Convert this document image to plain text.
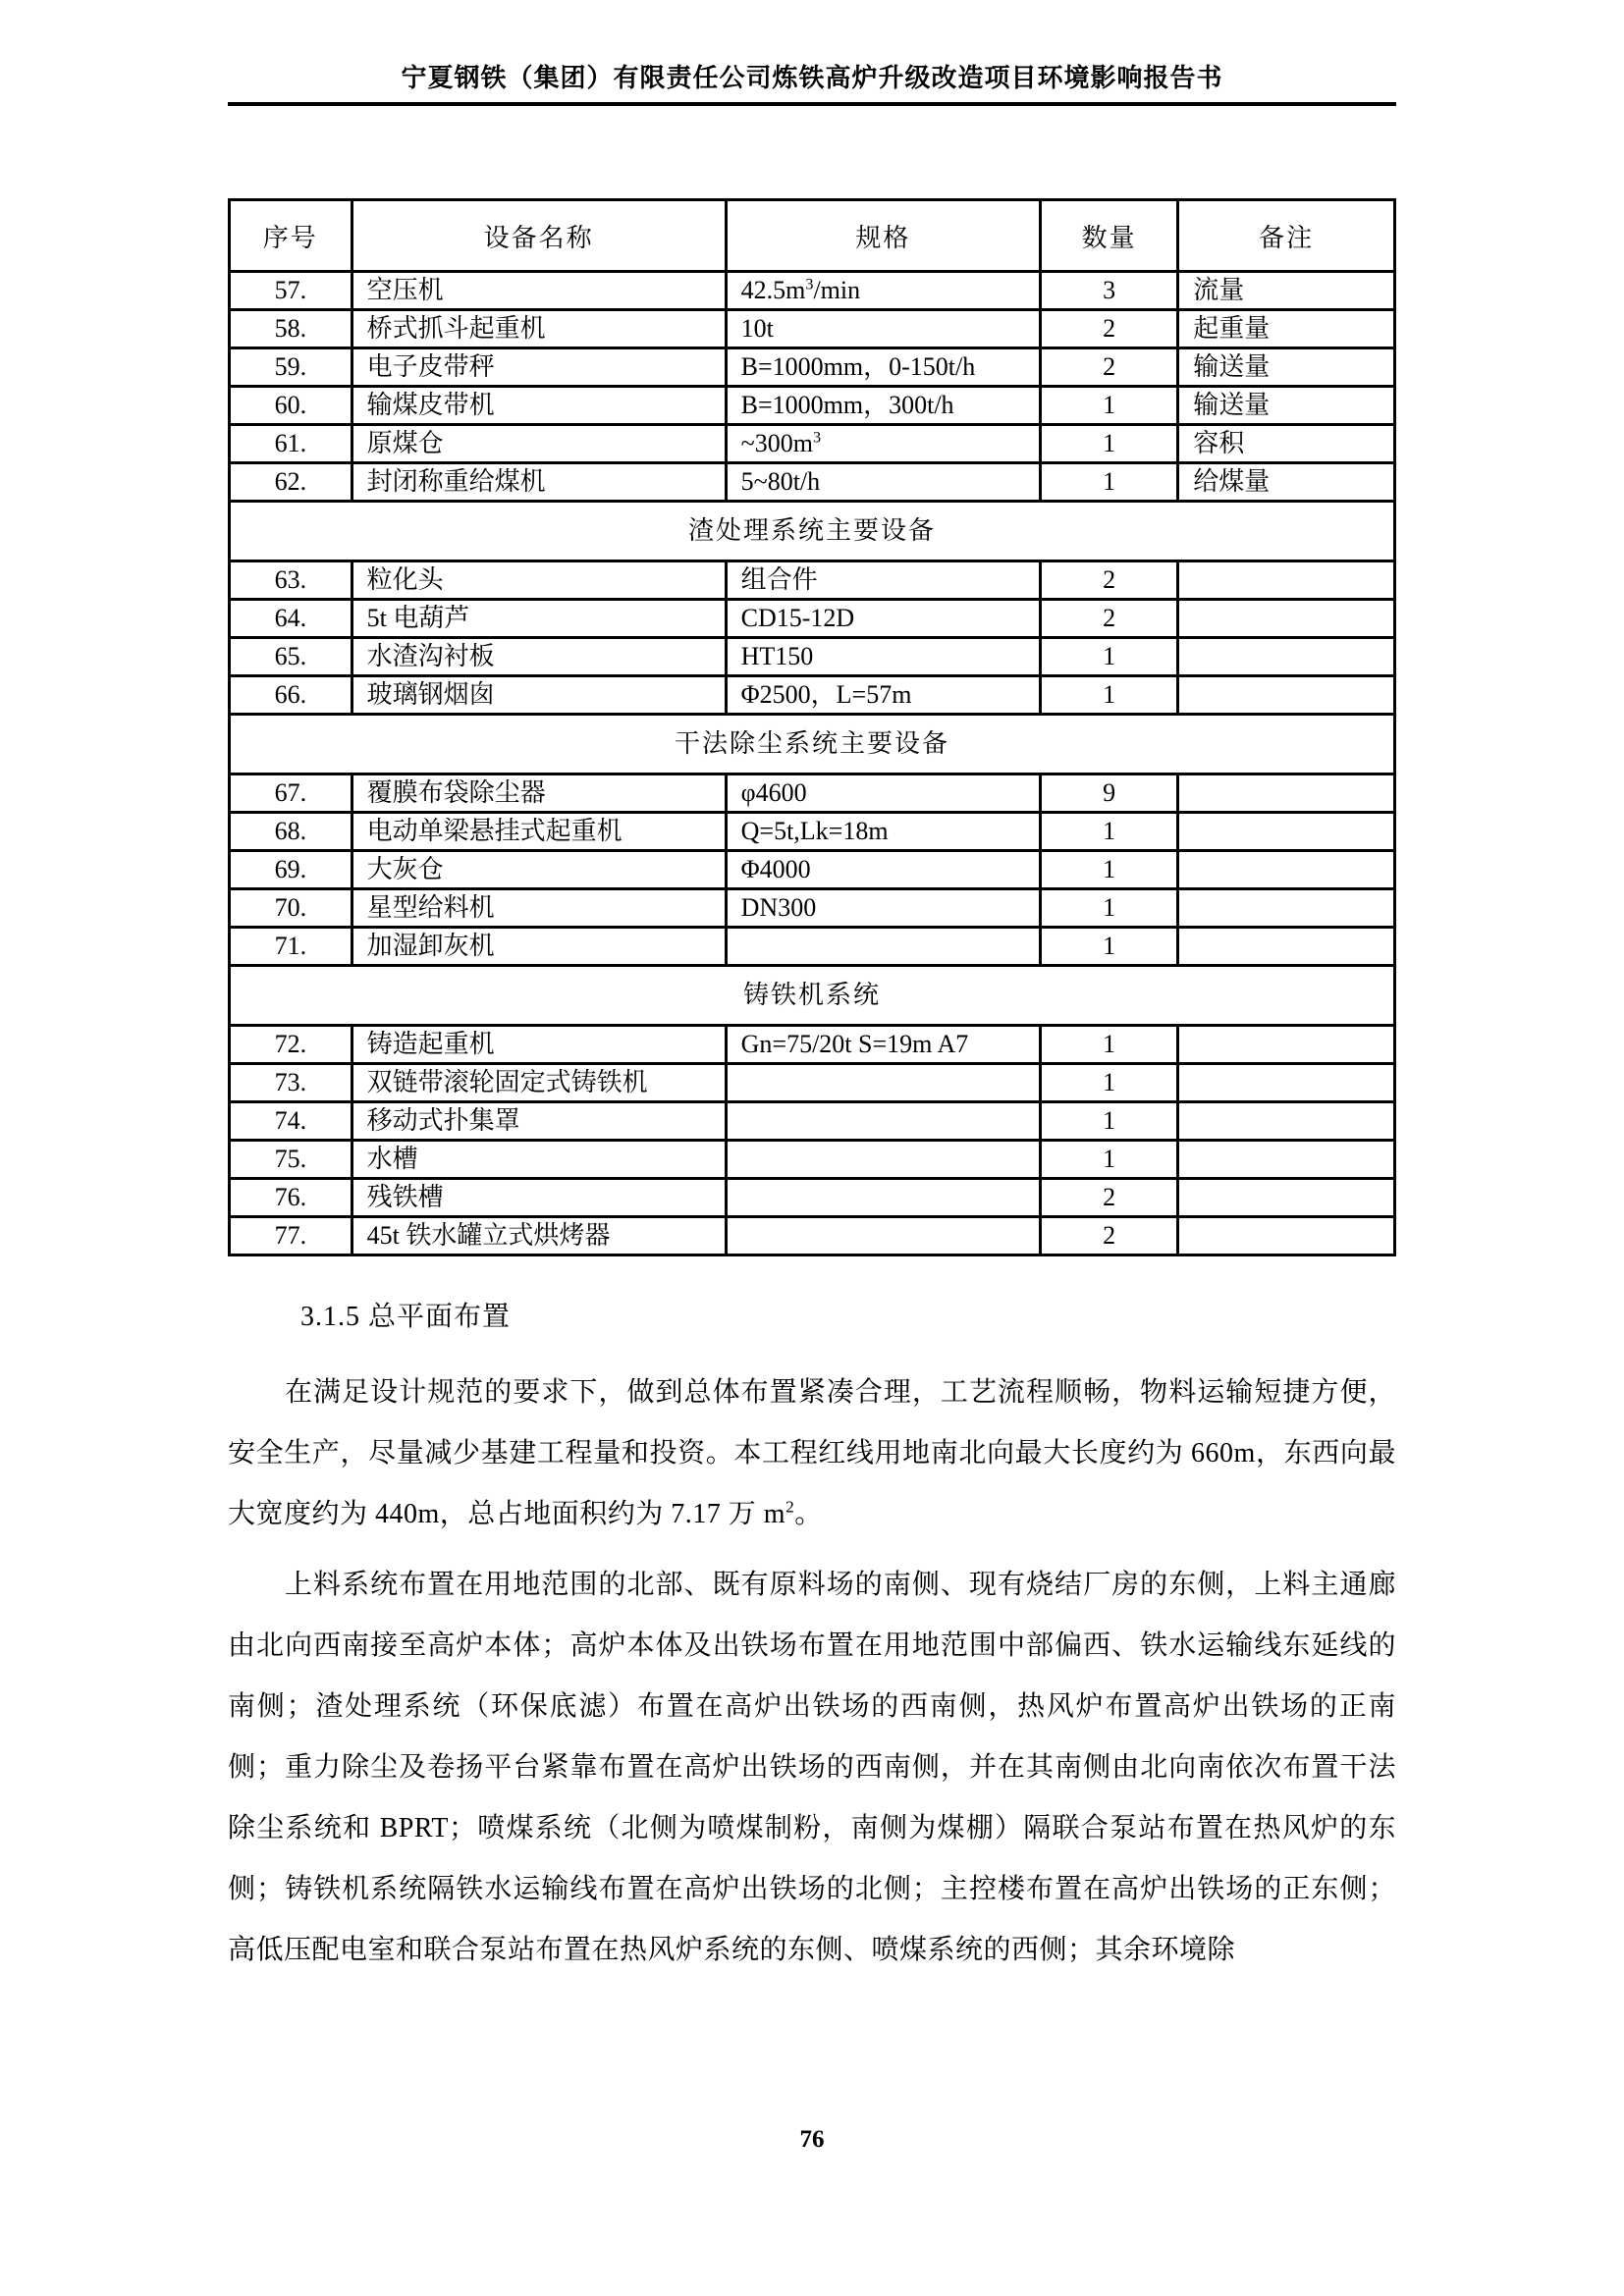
宁夏钢铁（集团）有限责任公司炼铁高炉升级改造项目环境影响报告书
序号	设备名称	规格	数量	备注
57.	空压机	$42.5m^3/\min$	3	流量
58.	桥式抓斗起重机	10t	2	起重量
59.	电子皮带秤	B=1000mm，0-150t/h	2	输送量
60.	输煤皮带机	B=1000mm，300t/h	1	输送量
61.	原煤仓	$\sim 300m^3$	1	容积
62.	封闭称重给煤机	5~80t/h	1	给煤量
渣处理系统主要设备				
63.	粒化头	组合件	2	
64.	5t 电葫芦	CD15-12D	2	
65.	水渣沟衬板	HT150	1	
66.	玻璃钢烟囱	Φ2500，L=57m	1	
干法除尘系统主要设备				
67.	覆膜布袋除尘器	φ4600	9	
68.	电动单梁悬挂式起重机	Q=5t,Lk=18m	1	
69.	大灰仓	Φ4000	1	
70.	星型给料机	DN300	1	
71.	加湿卸灰机		1	
铸铁机系统				
72.	铸造起重机	Gn=75/20t S=19m A7	1	
73.	双链带滚轮固定式铸铁机		1	
74.	移动式扑集罩		1	
75.	水槽		1	
76.	残铁槽		2	
77.	45t 铁水罐立式烘烤器		2	
3.1.5 总平面布置

在满足设计规范的要求下，做到总体布置紧凑合理，工艺流程顺畅，物料运输短捷方便，安全生产，尽量减少基建工程量和投资。本工程红线用地南北向最大长度约为 660m，东西向最大宽度约为 440m，总占地面积约为 7.17 万 $m^2$。

上料系统布置在用地范围的北部、既有原料场的南侧、现有烧结厂房的东侧，上料主通廊由北向西南接至高炉本体；高炉本体及出铁场布置在用地范围中部偏西、铁水运输线东延线的南侧；渣处理系统（环保底滤）布置在高炉出铁场的西南侧，热风炉布置高炉出铁场的正南侧；重力除尘及卷扬平台紧靠布置在高炉出铁场的西南侧，并在其南侧由北向南依次布置干法除尘系统和 BPRT；喷煤系统（北侧为喷煤制粉，南侧为煤棚）隔联合泵站布置在热风炉的东侧；铸铁机系统隔铁水运输线布置在高炉出铁场的北侧；主控楼布置在高炉出铁场的正东侧；高低压配电室和联合泵站布置在热风炉系统的东侧、喷煤系统的西侧；其余环境除

76
